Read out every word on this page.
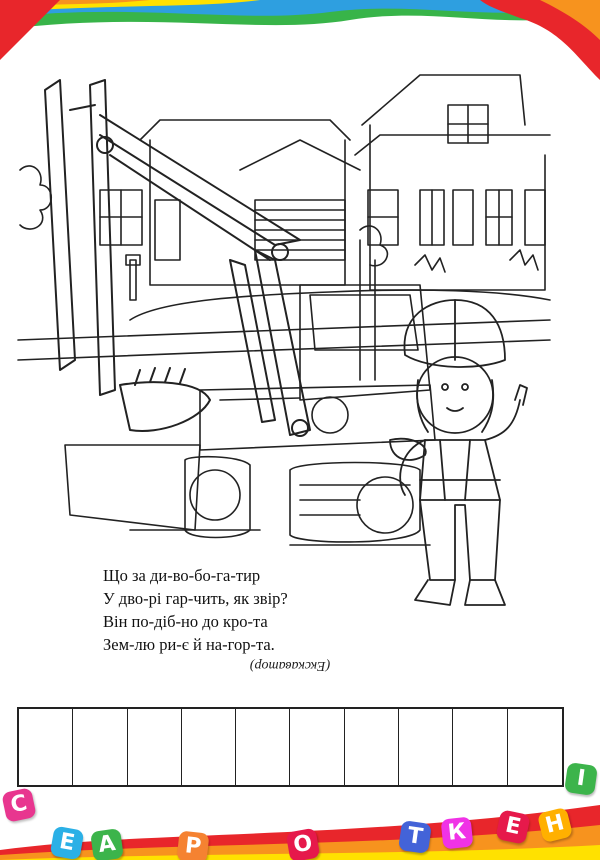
Що за ди-во-бо-га-тир
У дво-рі гар-чить, як звір?
Він по-діб-но до кро-та
Зем-лю ри-є й на-гор-та.
(Екскаватор)
С
Е А	Р	О	Т	К	Е Н
І
